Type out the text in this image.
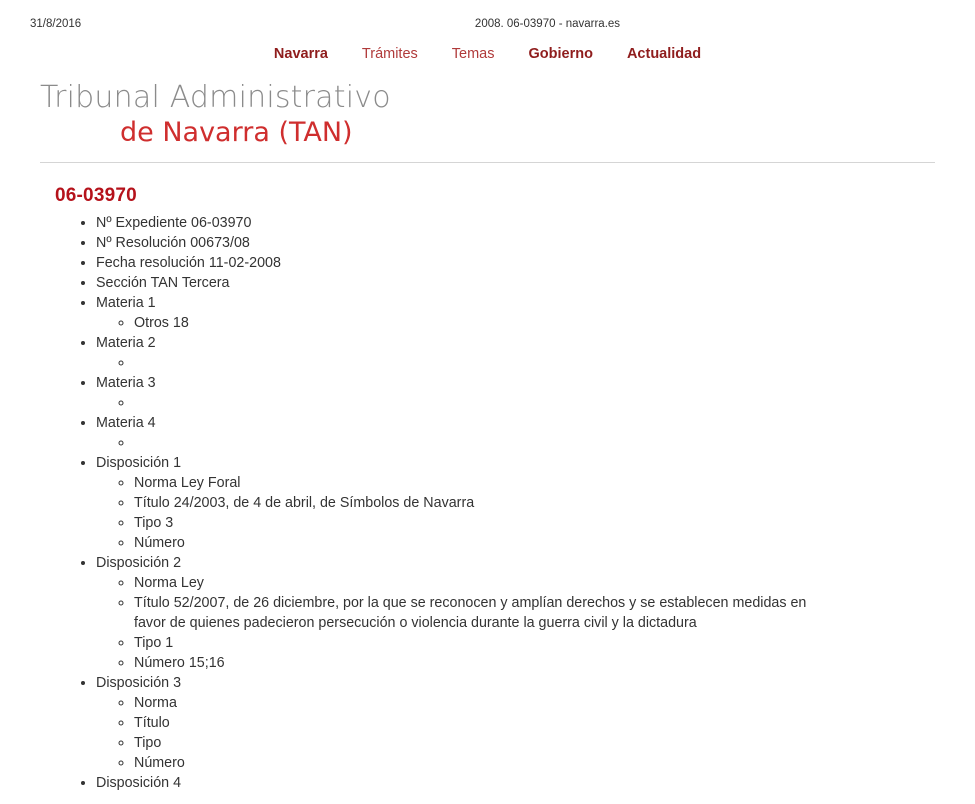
31/8/2016	2008. 06-03970 - navarra.es
Navarra Trámites Temas Gobierno Actualidad
Tribunal Administrativo
de Navarra (TAN)
06-03970
• Nº Expediente 06-03970
• Nº Resolución 00673/08
• Fecha resolución 11-02-2008
• Sección TAN Tercera
• Materia 1
◦ Otros 18
• Materia 2
◦
• Materia 3
◦
• Materia 4
◦
• Disposición 1
◦ Norma Ley Foral
◦ Título 24/2003, de 4 de abril, de Símbolos de Navarra
◦ Tipo 3
◦ Número
• Disposición 2
◦ Norma Ley
◦ Título 52/2007, de 26 diciembre, por la que se reconocen y amplían derechos y se establecen medidas en favor de quienes padecieron persecución o violencia durante la guerra civil y la dictadura
◦ Tipo 1
◦ Número 15;16
• Disposición 3
◦ Norma
◦ Título
◦ Tipo
◦ Número
• Disposición 4
